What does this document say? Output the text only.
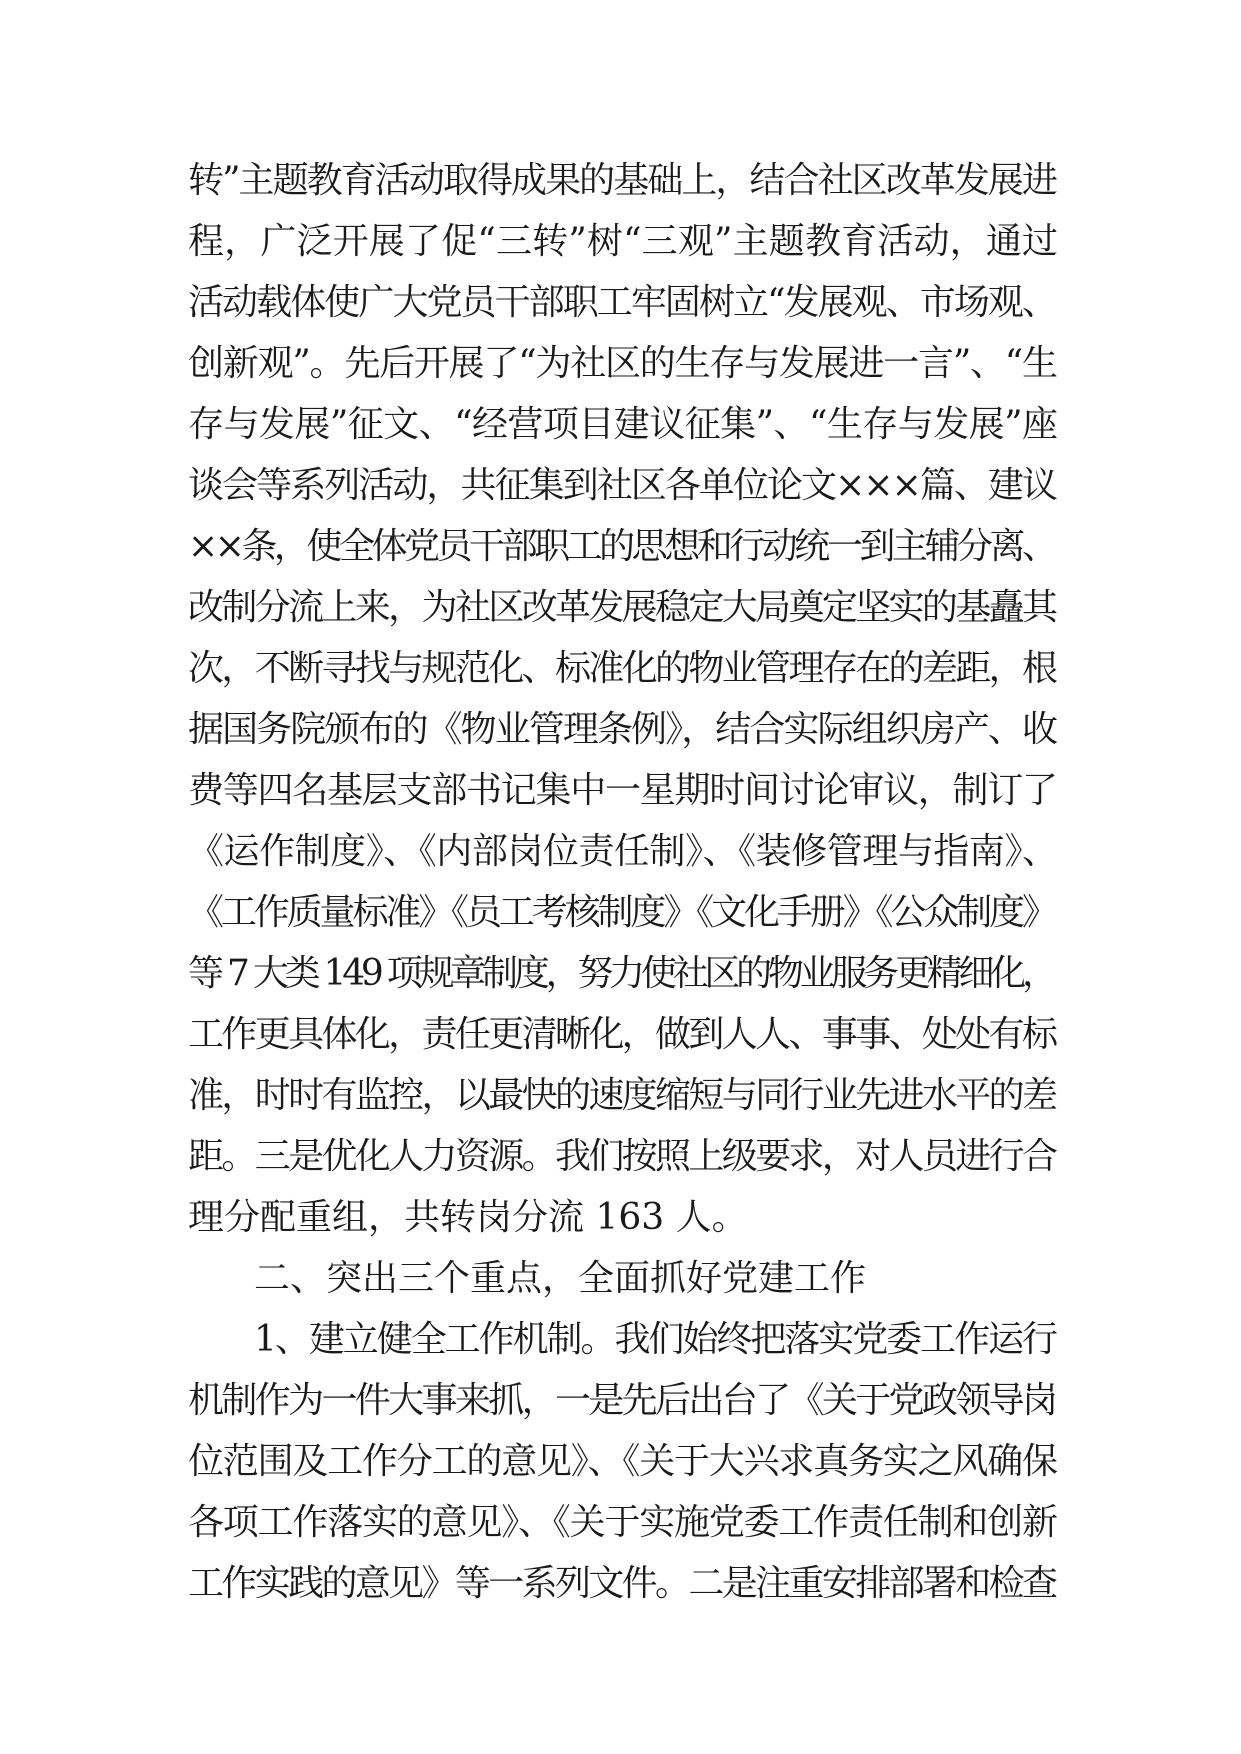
转”主题教育活动取得成果的基础上，结合社区改革发展进
程，广泛开展了促“三转”树“三观”主题教育活动，通过
活动载体使广大党员干部职工牢固树立“发展观、市场观、
创新观”。先后开展了“为社区的生存与发展进一言”、“生
存与发展”征文、“经营项目建议征集”、“生存与发展”座
谈会等系列活动，共征集到社区各单位论文×××篇、建议
××条，使全体党员干部职工的思想和行动统一到主辅分离、
改制分流上来，为社区改革发展稳定大局奠定坚实的基矗其
次，不断寻找与规范化、标准化的物业管理存在的差距，根
据国务院颁布的《物业管理条例》，结合实际组织房产、收
费等四名基层支部书记集中一星期时间讨论审议，制订了
《运作制度》、《内部岗位责任制》、《装修管理与指南》、
《工作质量标准》《员工考核制度》《文化手册》《公众制度》
等 7 大类 149 项规章制度，努力使社区的物业服务更精细化，
工作更具体化，责任更清晰化，做到人人、事事、处处有标
准，时时有监控，以最快的速度缩短与同行业先进水平的差
距。三是优化人力资源。我们按照上级要求，对人员进行合
理分配重组，共转岗分流 163 人。
二、突出三个重点，全面抓好党建工作
1、建立健全工作机制。我们始终把落实党委工作运行
机制作为一件大事来抓，一是先后出台了《关于党政领导岗
位范围及工作分工的意见》、《关于大兴求真务实之风确保
各项工作落实的意见》、《关于实施党委工作责任制和创新
工作实践的意见》等一系列文件。二是注重安排部署和检查
